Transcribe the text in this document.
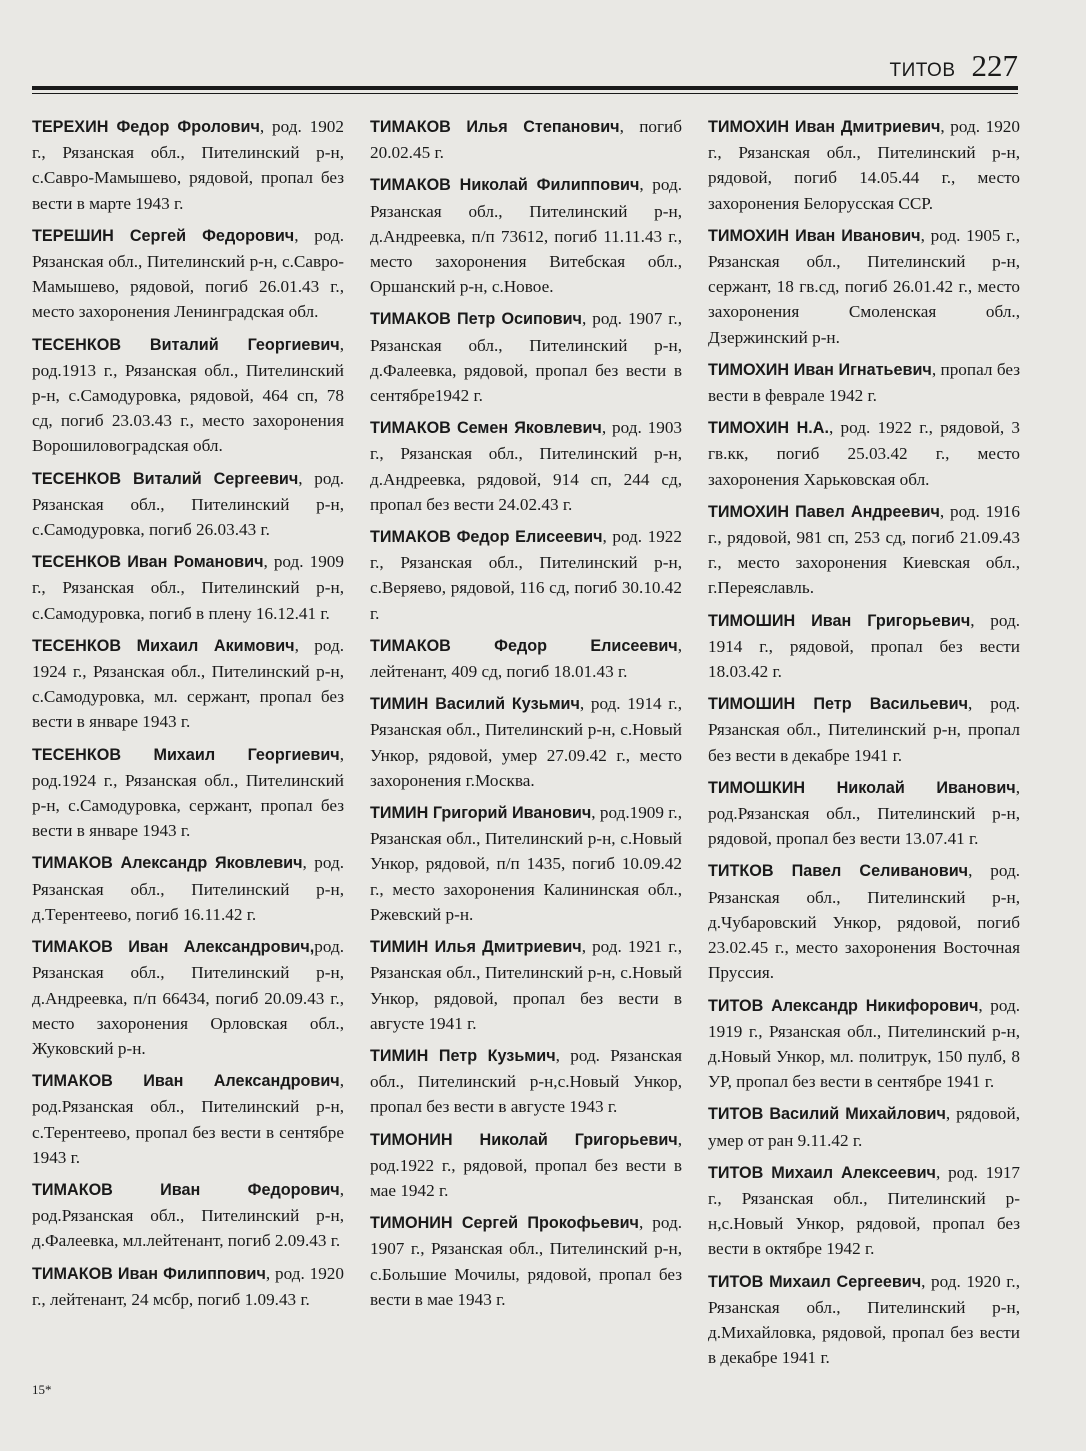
ТИТОВ 227

ТЕРЕХИН Федор Фролович, род. 1902 г., Рязанская обл., Пителинский р-н, с.Савро-Мамышево, рядовой, пропал без вести в марте 1943 г.

ТЕРЕШИН Сергей Федорович, род. Рязанская обл., Пителинский р-н, с.Савро-Мамышево, рядовой, погиб 26.01.43 г., место захоронения Ленинградская обл.

ТЕСЕНКОВ Виталий Георгиевич, род.1913 г., Рязанская обл., Пителинский р-н, с.Самодуровка, рядовой, 464 сп, 78 сд, погиб 23.03.43 г., место захоронения Ворошиловоградская обл.

ТЕСЕНКОВ Виталий Сергеевич, род. Рязанская обл., Пителинский р-н, с.Самодуровка, погиб 26.03.43 г.

ТЕСЕНКОВ Иван Романович, род. 1909 г., Рязанская обл., Пителинский р-н, с.Самодуровка, погиб в плену 16.12.41 г.

ТЕСЕНКОВ Михаил Акимович, род. 1924 г., Рязанская обл., Пителинский р-н, с.Самодуровка, мл. сержант, пропал без вести в январе 1943 г.

ТЕСЕНКОВ Михаил Георгиевич, род.1924 г., Рязанская обл., Пителинский р-н, с.Самодуровка, сержант, пропал без вести в январе 1943 г.

ТИМАКОВ Александр Яковлевич, род. Рязанская обл., Пителинский р-н, д.Терентеево, погиб 16.11.42 г.

ТИМАКОВ Иван Александрович,род. Рязанская обл., Пителинский р-н, д.Андреевка, п/п 66434, погиб 20.09.43 г., место захоронения Орловская обл., Жуковский р-н.

ТИМАКОВ Иван Александрович, род.Рязанская обл., Пителинский р-н, с.Терентеево, пропал без вести в сентябре 1943 г.

ТИМАКОВ Иван Федорович, род.Рязанская обл., Пителинский р-н, д.Фалеевка, мл.лейтенант, погиб 2.09.43 г.

ТИМАКОВ Иван Филиппович, род. 1920 г., лейтенант, 24 мсбр, погиб 1.09.43 г.

ТИМАКОВ Илья Степанович, погиб 20.02.45 г.

ТИМАКОВ Николай Филиппович, род. Рязанская обл., Пителинский р-н, д.Андреевка, п/п 73612, погиб 11.11.43 г., место захоронения Витебская обл., Оршанский р-н, с.Новое.

ТИМАКОВ Петр Осипович, род. 1907 г., Рязанская обл., Пителинский р-н, д.Фалеевка, рядовой, пропал без вести в сентябре1942 г.

ТИМАКОВ Семен Яковлевич, род. 1903 г., Рязанская обл., Пителинский р-н, д.Андреевка, рядовой, 914 сп, 244 сд, пропал без вести 24.02.43 г.

ТИМАКОВ Федор Елисеевич, род. 1922 г., Рязанская обл., Пителинский р-н, с.Веряево, рядовой, 116 сд, погиб 30.10.42 г.

ТИМАКОВ Федор Елисеевич, лейтенант, 409 сд, погиб 18.01.43 г.

ТИМИН Василий Кузьмич, род. 1914 г., Рязанская обл., Пителинский р-н, с.Новый Ункор, рядовой, умер 27.09.42 г., место захоронения г.Москва.

ТИМИН Григорий Иванович, род.1909 г., Рязанская обл., Пителинский р-н, с.Новый Ункор, рядовой, п/п 1435, погиб 10.09.42 г., место захоронения Калининская обл., Ржевский р-н.

ТИМИН Илья Дмитриевич, род. 1921 г., Рязанская обл., Пителинский р-н, с.Новый Ункор, рядовой, пропал без вести в августе 1941 г.

ТИМИН Петр Кузьмич, род. Рязанская обл., Пителинский р-н,с.Новый Ункор, пропал без вести в августе 1943 г.

ТИМОНИН Николай Григорьевич, род.1922 г., рядовой, пропал без вести в мае 1942 г.

ТИМОНИН Сергей Прокофьевич, род. 1907 г., Рязанская обл., Пителинский р-н, с.Большие Мочилы, рядовой, пропал без вести в мае 1943 г.

ТИМОХИН Иван Дмитриевич, род. 1920 г., Рязанская обл., Пителинский р-н, рядовой, погиб 14.05.44 г., место захоронения Белорусская ССР.

ТИМОХИН Иван Иванович, род. 1905 г., Рязанская обл., Пителинский р-н, сержант, 18 гв.сд, погиб 26.01.42 г., место захоронения Смоленская обл., Дзержинский р-н.

ТИМОХИН Иван Игнатьевич, пропал без вести в феврале 1942 г.

ТИМОХИН Н.А., род. 1922 г., рядовой, 3 гв.кк, погиб 25.03.42 г., место захоронения Харьковская обл.

ТИМОХИН Павел Андреевич, род. 1916 г., рядовой, 981 сп, 253 сд, погиб 21.09.43 г., место захоронения Киевская обл., г.Переяславль.

ТИМОШИН Иван Григорьевич, род. 1914 г., рядовой, пропал без вести 18.03.42 г.

ТИМОШИН Петр Васильевич, род. Рязанская обл., Пителинский р-н, пропал без вести в декабре 1941 г.

ТИМОШКИН Николай Иванович, род.Рязанская обл., Пителинский р-н, рядовой, пропал без вести 13.07.41 г.

ТИТКОВ Павел Селиванович, род. Рязанская обл., Пителинский р-н, д.Чубаровский Ункор, рядовой, погиб 23.02.45 г., место захоронения Восточная Пруссия.

ТИТОВ Александр Никифорович, род. 1919 г., Рязанская обл., Пителинский р-н, д.Новый Ункор, мл. политрук, 150 пулб, 8 УР, пропал без вести в сентябре 1941 г.

ТИТОВ Василий Михайлович, рядовой, умер от ран 9.11.42 г.

ТИТОВ Михаил Алексеевич, род. 1917 г., Рязанская обл., Пителинский р-н,с.Новый Ункор, рядовой, пропал без вести в октябре 1942 г.

ТИТОВ Михаил Сергеевич, род. 1920 г., Рязанская обл., Пителинский р-н, д.Михайловка, рядовой, пропал без вести в декабре 1941 г.

15*
